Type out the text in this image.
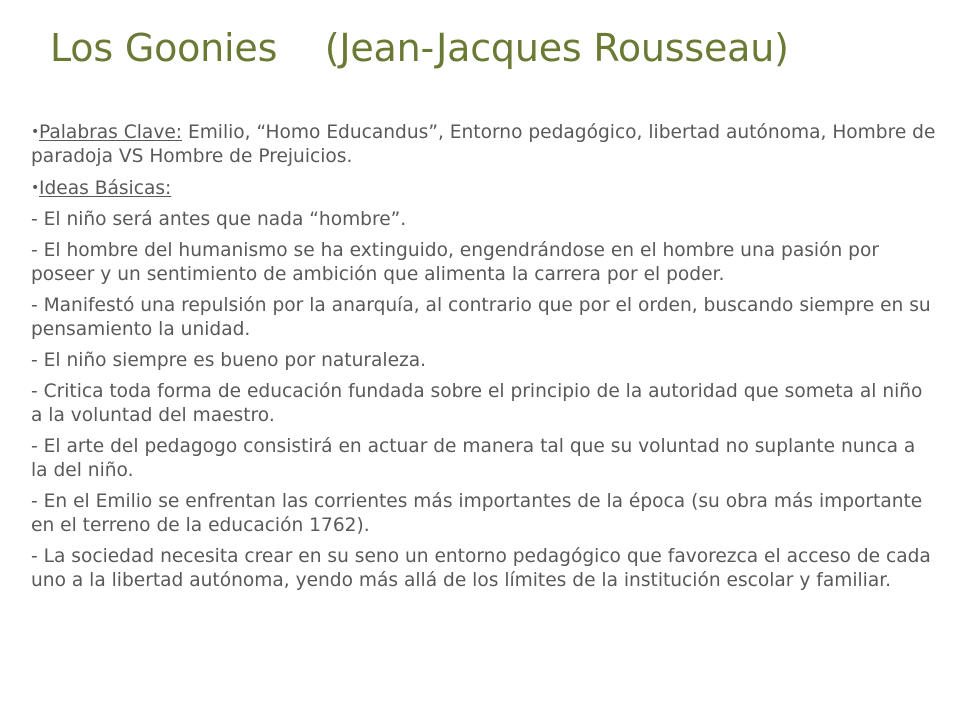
Los Goonies    (Jean-Jacques Rousseau)

•Palabras Clave: Emilio, “Homo Educandus”, Entorno pedagógico, libertad autónoma, Hombre de paradoja VS Hombre de Prejuicios.

•Ideas Básicas:

- El niño será antes que nada “hombre”.

- El hombre del humanismo se ha extinguido, engendrándose en el hombre una pasión por poseer y un sentimiento de ambición que alimenta la carrera por el poder.

- Manifestó una repulsión por la anarquía, al contrario que por el orden, buscando siempre en su pensamiento la unidad.

- El niño siempre es bueno por naturaleza.

- Critica toda forma de educación fundada sobre el principio de la autoridad que someta al niño a la voluntad del maestro.

- El arte del pedagogo consistirá en actuar de manera tal que su voluntad no suplante nunca a la del niño.

- En el Emilio se enfrentan las corrientes más importantes de la época (su obra más importante en el terreno de la educación 1762).

- La sociedad necesita crear en su seno un entorno pedagógico que favorezca el acceso de cada uno a la libertad autónoma, yendo más allá de los límites de la institución escolar y familiar.
